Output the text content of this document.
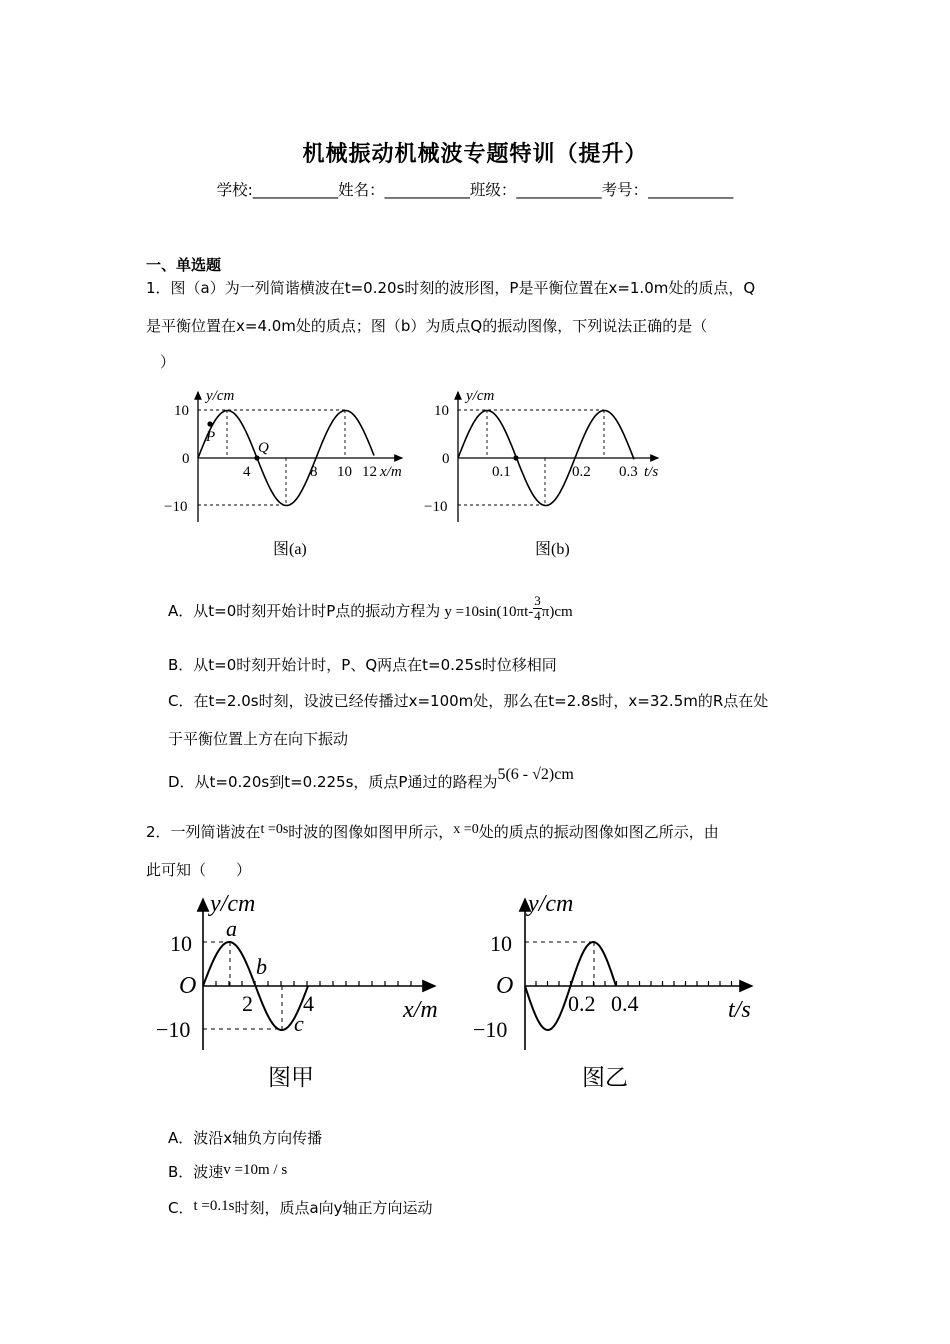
机械振动机械波专题特训（提升）
学校:___________姓名：___________班级：___________考号：___________
一、单选题
1．图（a）为一列简谐横波在t=0.20s时刻的波形图，P是平衡位置在x=1.0m处的质点，Q
是平衡位置在x=4.0m处的质点；图（b）为质点Q的振动图像，下列说法正确的是（
）
y/cm
x/m
10
0
−10
4	8 10 12
P
Q
图(a)
y/cm
t/s
10
0
−10
0.1	0.2 0.3
图(b)
A．从t=0时刻开始计时P点的振动方程为 $y =10\sin(10\pi t- \frac{3}{4} \pi)cm$
B．从t=0时刻开始计时，P、Q两点在t=0.25s时位移相同
C．在t=2.0s时刻，设波已经传播过x=100m处，那么在t=2.8s时，x=32.5m的R点在处
于平衡位置上方在向下振动
D．从t=0.20s到t=0.225s，质点P通过的路程为5(6 - √2)cm
2．一列简谐波在t =0s时波的图像如图甲所示，x =0处的质点的振动图像如图乙所示，由
此可知（　　）
y/cm
x/m
O
10
−10
2 4
a
b
c
图甲
y/cm
t/s
O
10
−10
0.2 0.4
图乙
A．波沿x轴负方向传播
B．波速v =10m / s
C．t =0.1s时刻，质点a向y轴正方向运动
